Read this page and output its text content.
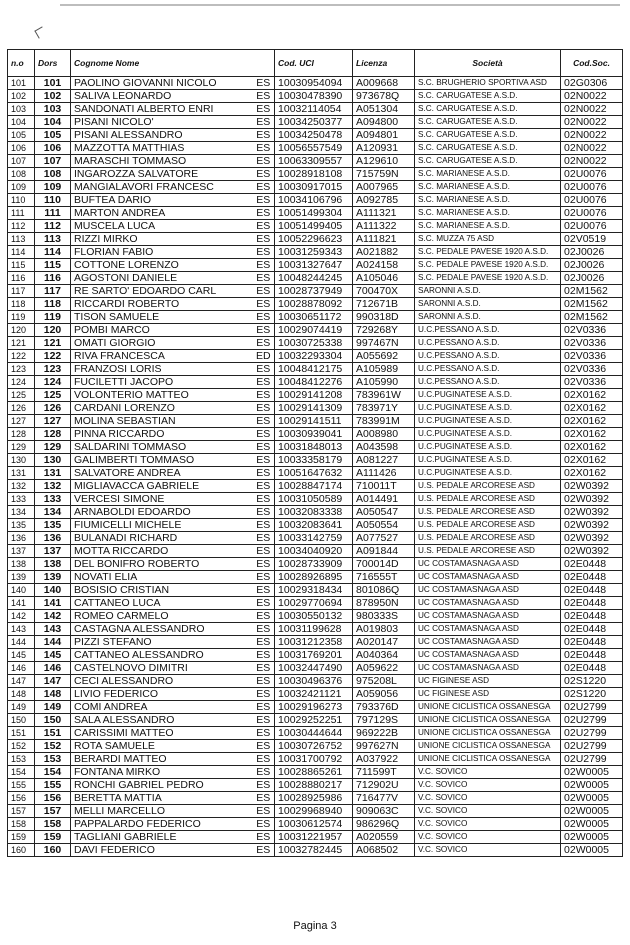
n.o	Dors	Cognome Nome		Cod. UCI	Licenza	Società	Cod.Soc.
101	101	PAOLINO GIOVANNI NICOLO	ES	10030954094	A009668	S.C. BRUGHERIO SPORTIVA ASD	02G0306
102	102	SALIVA LEONARDO	ES	10030478390	973678Q	S.C. CARUGATESE A.S.D.	02N0022
103	103	SANDONATI ALBERTO ENRI	ES	10032114054	A051304	S.C. CARUGATESE A.S.D.	02N0022
104	104	PISANI NICOLO'	ES	10034250377	A094800	S.C. CARUGATESE A.S.D.	02N0022
105	105	PISANI ALESSANDRO	ES	10034250478	A094801	S.C. CARUGATESE A.S.D.	02N0022
106	106	MAZZOTTA MATTHIAS	ES	10056557549	A120931	S.C. CARUGATESE A.S.D.	02N0022
107	107	MARASCHI TOMMASO	ES	10063309557	A129610	S.C. CARUGATESE A.S.D.	02N0022
108	108	INGAROZZA SALVATORE	ES	10028918108	715759N	S.C. MARIANESE A.S.D.	02U0076
109	109	MANGIALAVORI FRANCESC	ES	10030917015	A007965	S.C. MARIANESE A.S.D.	02U0076
110	110	BUFTEA DARIO	ES	10034106796	A092785	S.C. MARIANESE A.S.D.	02U0076
111	111	MARTON ANDREA	ES	10051499304	A111321	S.C. MARIANESE A.S.D.	02U0076
112	112	MUSCELA LUCA	ES	10051499405	A111322	S.C. MARIANESE A.S.D.	02U0076
113	113	RIZZI MIRKO	ES	10052296623	A111821	S.C. MUZZA 75 ASD	02V0519
114	114	FLORIAN FABIO	ES	10031259343	A021882	S.C. PEDALE PAVESE 1920 A.S.D.	02J0026
115	115	COTTONE LORENZO	ES	10031327647	A024158	S.C. PEDALE PAVESE 1920 A.S.D.	02J0026
116	116	AGOSTONI DANIELE	ES	10048244245	A105046	S.C. PEDALE PAVESE 1920 A.S.D.	02J0026
117	117	RE SARTO' EDOARDO CARL	ES	10028737949	700470X	SARONNI A.S.D.	02M1562
118	118	RICCARDI ROBERTO	ES	10028878092	712671B	SARONNI A.S.D.	02M1562
119	119	TISON SAMUELE	ES	10030651172	990318D	SARONNI A.S.D.	02M1562
120	120	POMBI MARCO	ES	10029074419	729268Y	U.C.PESSANO A.S.D.	02V0336
121	121	OMATI GIORGIO	ES	10030725338	997467N	U.C.PESSANO A.S.D.	02V0336
122	122	RIVA FRANCESCA	ED	10032293304	A055692	U.C.PESSANO A.S.D.	02V0336
123	123	FRANZOSI LORIS	ES	10048412175	A105989	U.C.PESSANO A.S.D.	02V0336
124	124	FUCILETTI JACOPO	ES	10048412276	A105990	U.C.PESSANO A.S.D.	02V0336
125	125	VOLONTERIO MATTEO	ES	10029141208	783961W	U.C.PUGINATESE A.S.D.	02X0162
126	126	CARDANI LORENZO	ES	10029141309	783971Y	U.C.PUGINATESE A.S.D.	02X0162
127	127	MOLINA SEBASTIAN	ES	10029141511	783991M	U.C.PUGINATESE A.S.D.	02X0162
128	128	PINNA RICCARDO	ES	10030939041	A008980	U.C.PUGINATESE A.S.D.	02X0162
129	129	SALDARINI TOMMASO	ES	10031848013	A043598	U.C.PUGINATESE A.S.D.	02X0162
130	130	GALIMBERTI TOMMASO	ES	10033358179	A081227	U.C.PUGINATESE A.S.D.	02X0162
131	131	SALVATORE ANDREA	ES	10051647632	A111426	U.C.PUGINATESE A.S.D.	02X0162
132	132	MIGLIAVACCA GABRIELE	ES	10028847174	710011T	U.S. PEDALE ARCORESE ASD	02W0392
133	133	VERCESI SIMONE	ES	10031050589	A014491	U.S. PEDALE ARCORESE ASD	02W0392
134	134	ARNABOLDI EDOARDO	ES	10032083338	A050547	U.S. PEDALE ARCORESE ASD	02W0392
135	135	FIUMICELLI MICHELE	ES	10032083641	A050554	U.S. PEDALE ARCORESE ASD	02W0392
136	136	BULANADI RICHARD	ES	10033142759	A077527	U.S. PEDALE ARCORESE ASD	02W0392
137	137	MOTTA RICCARDO	ES	10034040920	A091844	U.S. PEDALE ARCORESE ASD	02W0392
138	138	DEL BONIFRO ROBERTO	ES	10028733909	700014D	UC COSTAMASNAGA ASD	02E0448
139	139	NOVATI ELIA	ES	10028926895	716555T	UC COSTAMASNAGA ASD	02E0448
140	140	BOSISIO CRISTIAN	ES	10029318434	801086Q	UC COSTAMASNAGA ASD	02E0448
141	141	CATTANEO LUCA	ES	10029770694	878950N	UC COSTAMASNAGA ASD	02E0448
142	142	ROMEO CARMELO	ES	10030550132	980333S	UC COSTAMASNAGA ASD	02E0448
143	143	CASTAGNA ALESSANDRO	ES	10031199628	A019803	UC COSTAMASNAGA ASD	02E0448
144	144	PIZZI STEFANO	ES	10031212358	A020147	UC COSTAMASNAGA ASD	02E0448
145	145	CATTANEO ALESSANDRO	ES	10031769201	A040364	UC COSTAMASNAGA ASD	02E0448
146	146	CASTELNOVO DIMITRI	ES	10032447490	A059622	UC COSTAMASNAGA ASD	02E0448
147	147	CECI ALESSANDRO	ES	10030496376	975208L	UC FIGINESE ASD	02S1220
148	148	LIVIO FEDERICO	ES	10032421121	A059056	UC FIGINESE ASD	02S1220
149	149	COMI ANDREA	ES	10029196273	793376D	UNIONE CICLISTICA OSSANESGA	02U2799
150	150	SALA ALESSANDRO	ES	10029252251	797129S	UNIONE CICLISTICA OSSANESGA	02U2799
151	151	CARISSIMI MATTEO	ES	10030444644	969222B	UNIONE CICLISTICA OSSANESGA	02U2799
152	152	ROTA SAMUELE	ES	10030726752	997627N	UNIONE CICLISTICA OSSANESGA	02U2799
153	153	BERARDI MATTEO	ES	10031700792	A037922	UNIONE CICLISTICA OSSANESGA	02U2799
154	154	FONTANA MIRKO	ES	10028865261	711599T	V.C. SOVICO	02W0005
155	155	RONCHI GABRIEL PEDRO	ES	10028880217	712902U	V.C. SOVICO	02W0005
156	156	BERETTA MATTIA	ES	10028925986	716477V	V.C. SOVICO	02W0005
157	157	MELLI MARCELLO	ES	10029968940	909063C	V.C. SOVICO	02W0005
158	158	PAPPALARDO FEDERICO	ES	10030612574	986296Q	V.C. SOVICO	02W0005
159	159	TAGLIANI GABRIELE	ES	10031221957	A020559	V.C. SOVICO	02W0005
160	160	DAVI FEDERICO	ES	10032782445	A068502	V.C. SOVICO	02W0005
Pagina 3
